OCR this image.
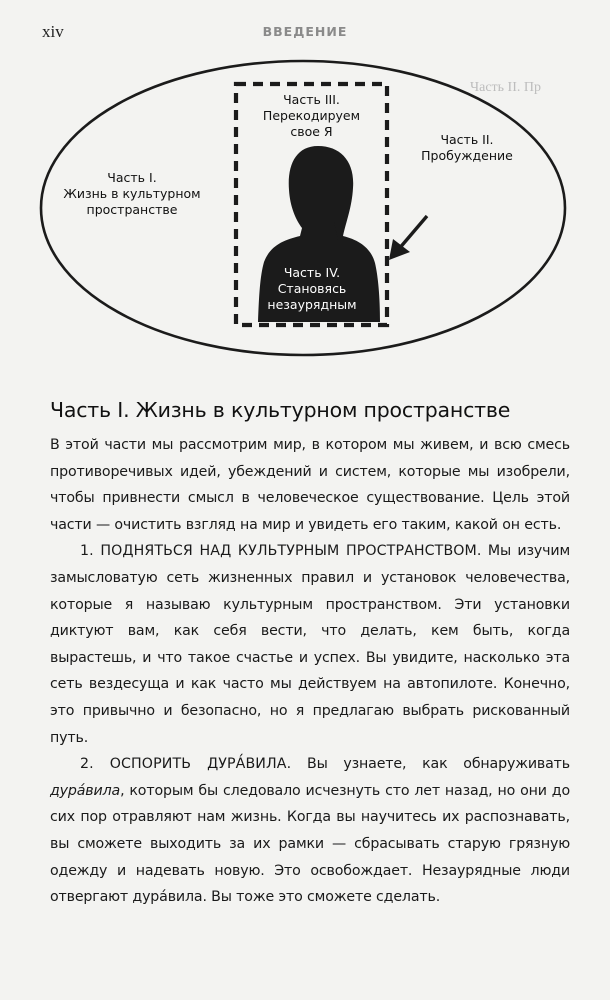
xiv	ВВЕДЕНИЕ
Часть II. Пр
Часть III.
Перекодируем
свое Я
Часть II.
Пробуждение
Часть I.
Жизнь в культурном
пространстве
Часть IV.
Становясь
незаурядным
Часть I. Жизнь в культурном пространстве

В этой части мы рассмотрим мир, в котором мы живем, и всю смесь противоречивых идей, убеждений и систем, которые мы изобрели, чтобы привнести смысл в человеческое существование. Цель этой части — очистить взгляд на мир и увидеть его таким, какой он есть.

1. ПОДНЯТЬСЯ НАД КУЛЬТУРНЫМ ПРОСТРАНСТВОМ. Мы изучим замысловатую сеть жизненных правил и установок человечества, которые я называю культурным пространством. Эти установки диктуют вам, как себя вести, что делать, кем быть, когда вырастешь, и что такое счастье и успех. Вы увидите, насколько эта сеть вездесуща и как часто мы действуем на автопилоте. Конечно, это привычно и безопасно, но я предлагаю выбрать рискованный путь.

2. ОСПОРИТЬ ДУРА́ВИЛА. Вы узнаете, как обнаруживать дура́вила, которым бы следовало исчезнуть сто лет назад, но они до сих пор отравляют нам жизнь. Когда вы научитесь их распознавать, вы сможете выходить за их рамки — сбрасывать старую грязную одежду и надевать новую. Это освобождает. Незаурядные люди отвергают дура́вила. Вы тоже это сможете сделать.
